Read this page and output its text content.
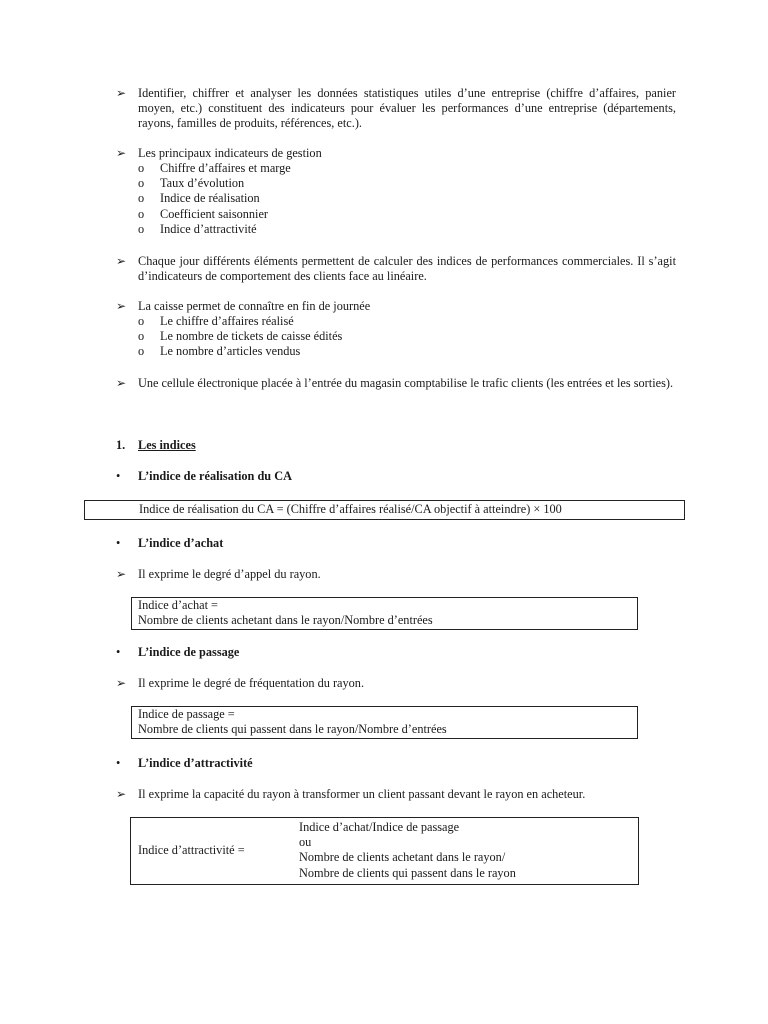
➢ Identifier, chiffrer et analyser les données statistiques utiles d’une entreprise (chiffre d’affaires, panier moyen, etc.) constituent des indicateurs pour évaluer les performances d’une entreprise (départements, rayons, familles de produits, références, etc.).
➢ Les principaux indicateurs de gestion
o Chiffre d’affaires et marge
o Taux d’évolution
o Indice de réalisation
o Coefficient saisonnier
o Indice d’attractivité
➢ Chaque jour différents éléments permettent de calculer des indices de performances commerciales. Il s’agit d’indicateurs de comportement des clients face au linéaire.
➢ La caisse permet de connaître en fin de journée
o Le chiffre d’affaires réalisé
o Le nombre de tickets de caisse édités
o Le nombre d’articles vendus
➢ Une cellule électronique placée à l’entrée du magasin comptabilise le trafic clients (les entrées et les sorties).
1. Les indices
• L’indice de réalisation du CA
Indice de réalisation du CA = (Chiffre d’affaires réalisé/CA objectif à atteindre) × 100
• L’indice d’achat
➢ Il exprime le degré d’appel du rayon.
Indice d’achat =
Nombre de clients achetant dans le rayon/Nombre d’entrées
• L’indice de passage
➢ Il exprime le degré de fréquentation du rayon.
Indice de passage =
Nombre de clients qui passent dans le rayon/Nombre d’entrées
• L’indice d’attractivité
➢ Il exprime la capacité du rayon à transformer un client passant devant le rayon en acheteur.
Indice d’attractivité =
Indice d’achat/Indice de passage
ou
Nombre de clients achetant dans le rayon/
Nombre de clients qui passent dans le rayon
